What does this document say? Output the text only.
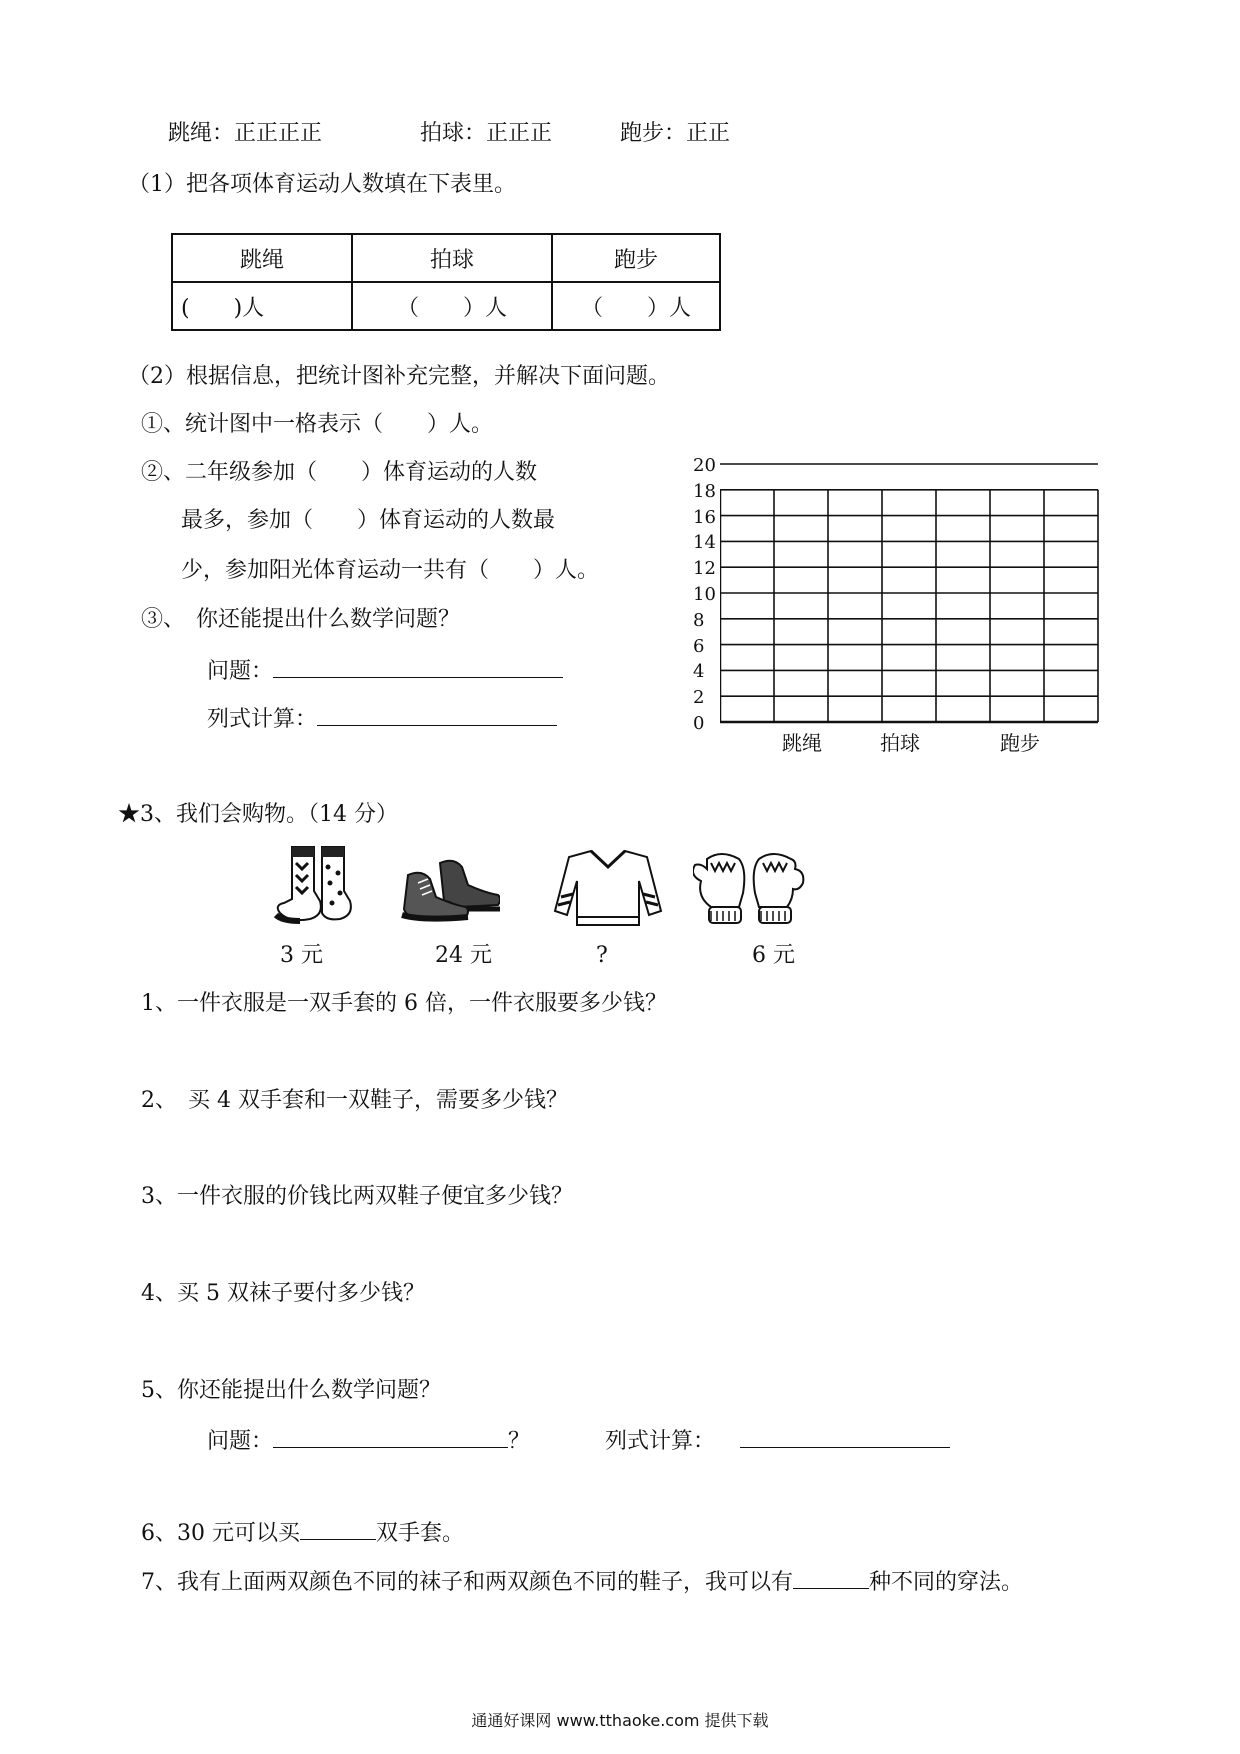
跳绳：正正正正	拍球：正正正	跑步：正正
（1）把各项体育运动人数填在下表里。
跳绳	拍球	跑步
(　　)人	（　　）人	（　　）人
（2）根据信息，把统计图补充完整，并解决下面问题。
①、统计图中一格表示（　　）人。
②、二年级参加（　　）体育运动的人数
最多，参加（　　）体育运动的人数最
少，参加阳光体育运动一共有（　　）人。
③、　你还能提出什么数学问题？
问题：
列式计算：
20
18
16
14
12
10
8
6
4
2
0
跳绳	拍球	跑步
★3、我们会购物。（14 分）
3 元	24 元	?	6 元
1、一件衣服是一双手套的 6 倍，一件衣服要多少钱？
2、　买 4 双手套和一双鞋子，需要多少钱？
3、一件衣服的价钱比两双鞋子便宜多少钱？
4、买 5 双袜子要付多少钱？
5、你还能提出什么数学问题？
问题：	？	列式计算：
6、30 元可以买	双手套。
7、我有上面两双颜色不同的袜子和两双颜色不同的鞋子，我可以有	种不同的穿法。
通通好课网 www.tthaoke.com 提供下载
